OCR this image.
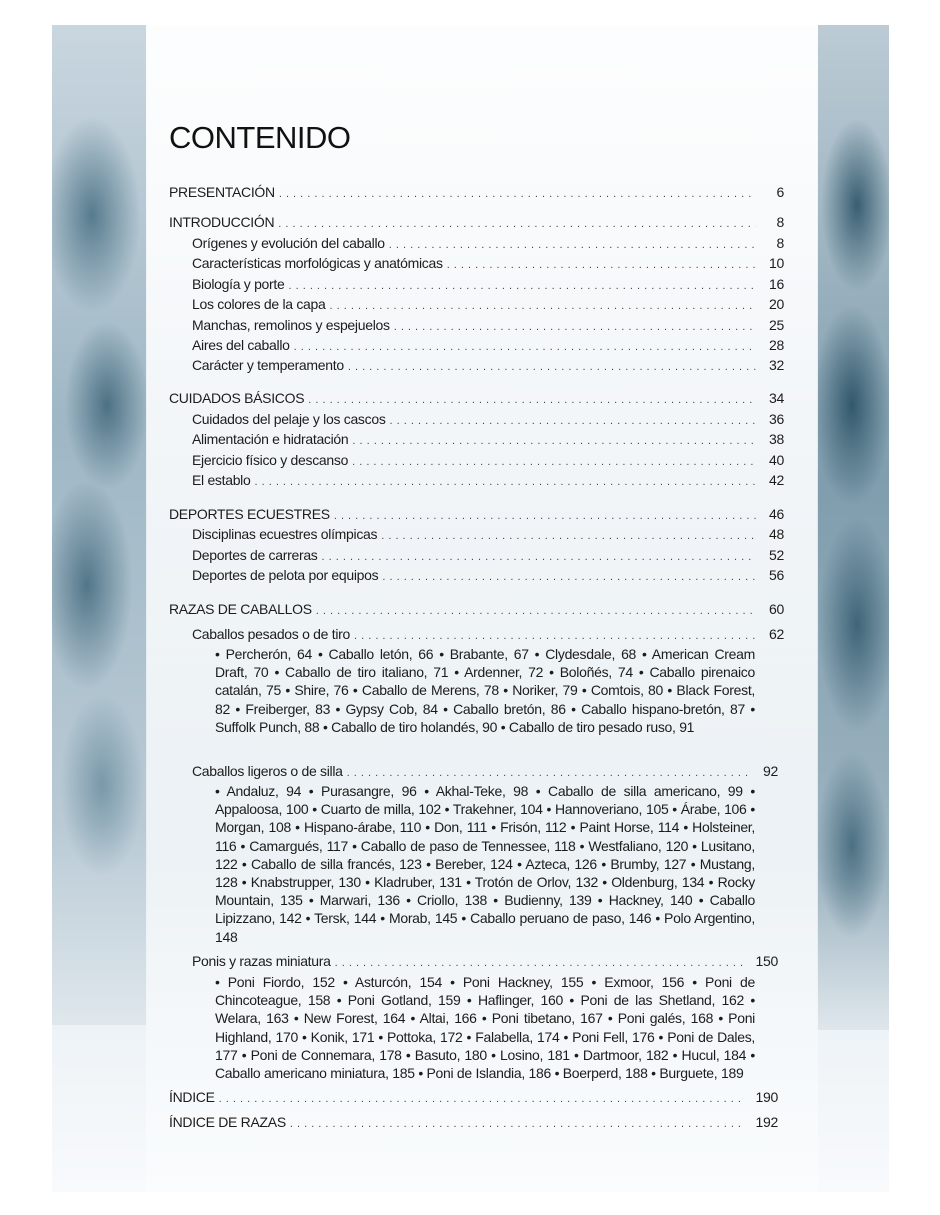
CONTENIDO
PRESENTACIÓN . . .	6
INTRODUCCIÓN . . .	8
Orígenes y evolución del caballo . . .	8
Características morfológicas y anatómicas . . .	10
Biología y porte . . .	16
Los colores de la capa . . .	20
Manchas, remolinos y espejuelos . . .	25
Aires del caballo . . .	28
Carácter y temperamento . . .	32
CUIDADOS BÁSICOS . . .	34
Cuidados del pelaje y los cascos . . .	36
Alimentación e hidratación . . .	38
Ejercicio físico y descanso . . .	40
El establo . . .	42
DEPORTES ECUESTRES . . .	46
Disciplinas ecuestres olímpicas . . .	48
Deportes de carreras . . .	52
Deportes de pelota por equipos . . .	56
RAZAS DE CABALLOS . . .	60
Caballos pesados o de tiro . . .	62

• Percherón, 64 • Caballo letón, 66 • Brabante, 67 • Clydesdale, 68 • American Cream Draft, 70 • Caballo de tiro italiano, 71 • Ardenner, 72 • Boloñés, 74 • Caballo pirenaico catalán, 75 • Shire, 76 • Caballo de Merens, 78 • Noriker, 79 • Comtois, 80 • Black Forest, 82 • Freiberger, 83 • Gypsy Cob, 84 • Caballo bretón, 86 • Caballo hispano-bretón, 87 • Suffolk Punch, 88 • Caballo de tiro holandés, 90 • Caballo de tiro pesado ruso, 91

Caballos ligeros o de silla . . .	92

• Andaluz, 94 • Purasangre, 96 • Akhal-Teke, 98 • Caballo de silla americano, 99 • Appaloosa, 100 • Cuarto de milla, 102 • Trakehner, 104 • Hannoveriano, 105 • Árabe, 106 • Morgan, 108 • Hispano-árabe, 110 • Don, 111 • Frisón, 112 • Paint Horse, 114 • Holsteiner, 116 • Camargués, 117 • Caballo de paso de Tennessee, 118 • Westfaliano, 120 • Lusitano, 122 • Caballo de silla francés, 123 • Bereber, 124 • Azteca, 126 • Brumby, 127 • Mustang, 128 • Knabstrupper, 130 • Kladruber, 131 • Trotón de Orlov, 132 • Oldenburg, 134 • Rocky Mountain, 135 • Marwari, 136 • Criollo, 138 • Budienny, 139 • Hackney, 140 • Caballo Lipizzano, 142 • Tersk, 144 • Morab, 145 • Caballo peruano de paso, 146 • Polo Argentino, 148

Ponis y razas miniatura . . .	150

• Poni Fiordo, 152 • Asturcón, 154 • Poni Hackney, 155 • Exmoor, 156 • Poni de Chincoteague, 158 • Poni Gotland, 159 • Haflinger, 160 • Poni de las Shetland, 162 • Welara, 163 • New Forest, 164 • Altai, 166 • Poni tibetano, 167 • Poni galés, 168 • Poni Highland, 170 • Konik, 171 • Pottoka, 172 • Falabella, 174 • Poni Fell, 176 • Poni de Dales, 177 • Poni de Connemara, 178 • Basuto, 180 • Losino, 181 • Dartmoor, 182 • Hucul, 184 • Caballo americano miniatura, 185 • Poni de Islandia, 186 • Boerperd, 188 • Burguete, 189

ÍNDICE . . .	190
ÍNDICE DE RAZAS . . .	192
